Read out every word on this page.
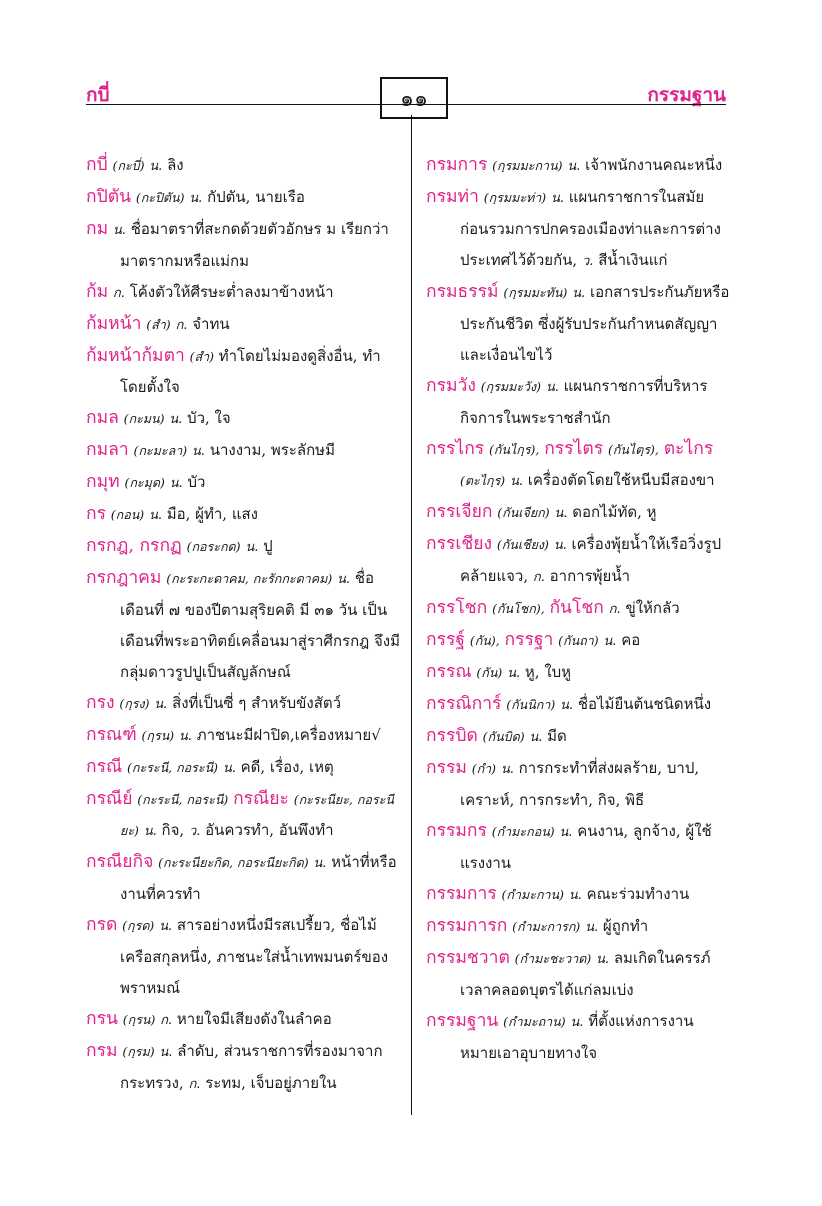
กบี่	๑๑	กรรมฐาน
กบี่ (กะบี่) น. ลิง
กปิตัน (กะปิตัน) น. กัปตัน, นายเรือ
กม น. ชื่อมาตราที่สะกดด้วยตัวอักษร ม เรียกว่า มาตรากมหรือแม่กม
ก้ม ก. โค้งตัวให้ศีรษะต่ำลงมาข้างหน้า
ก้มหน้า (สำ) ก. จำทน
ก้มหน้าก้มตา (สำ) ทำโดยไม่มองดูสิ่งอื่น, ทำโดยตั้งใจ
กมล (กะมน) น. บัว, ใจ
กมลา (กะมะลา) น. นางงาม, พระลักษมี
กมุท (กะมุด) น. บัว
กร (กอน) น. มือ, ผู้ทำ, แสง
กรกฎ, กรกฏ (กอระกด) น. ปู
กรกฎาคม (กะระกะดาคม, กะรักกะดาคม) น. ชื่อเดือนที่ ๗ ของปีตามสุริยคติ มี ๓๑ วัน เป็นเดือนที่พระอาทิตย์เคลื่อนมาสู่ราศีกรกฎ จึงมีกลุ่มดาวรูปปูเป็นสัญลักษณ์
กรง (กฺรง) น. สิ่งที่เป็นซี่ ๆ สำหรับขังสัตว์
กรณฑ์ (กฺรน) น. ภาชนะมีฝาปิด,เครื่องหมาย√
กรณี (กะระนี, กอระนี) น. คดี, เรื่อง, เหตุ
กรณีย์ (กะระนี, กอระนี) กรณียะ (กะระนียะ, กอระนียะ) น. กิจ, ว. อันควรทำ, อันพึงทำ
กรณียกิจ (กะระนียะกิด, กอระนียะกิด) น. หน้าที่หรืองานที่ควรทำ
กรด (กฺรด) น. สารอย่างหนึ่งมีรสเปรี้ยว, ชื่อไม้เครือสกุลหนึ่ง, ภาชนะใส่น้ำเทพมนตร์ของพราหมณ์
กรน (กฺรน) ก. หายใจมีเสียงดังในลำคอ
กรม (กฺรม) น. ลำดับ, ส่วนราชการที่รองมาจากกระทรวง, ก. ระทม, เจ็บอยู่ภายใน
กรมการ (กฺรมมะกาน) น. เจ้าพนักงานคณะหนึ่ง
กรมท่า (กฺรมมะท่า) น. แผนกราชการในสมัยก่อนรวมการปกครองเมืองท่าและการต่างประเทศไว้ด้วยกัน, ว. สีน้ำเงินแก่
กรมธรรม์ (กฺรมมะทัน) น. เอกสารประกันภัยหรือประกันชีวิต ซึ่งผู้รับประกันกำหนดสัญญาและเงื่อนไขไว้
กรมวัง (กฺรมมะวัง) น. แผนกราชการที่บริหารกิจการในพระราชสำนัก
กรรไกร (กันไกฺร), กรรไตร (กันไตฺร), ตะไกร (ตะไกฺร) น. เครื่องตัดโดยใช้หนีบมีสองขา
กรรเจียก (กันเจียก) น. ดอกไม้ทัด, หู
กรรเชียง (กันเชียง) น. เครื่องพุ้ยน้ำให้เรือวิ่งรูปคล้ายแจว, ก. อาการพุ้ยน้ำ
กรรโชก (กันโชก), กันโชก ก. ขู่ให้กลัว
กรรฐ์ (กัน), กรรฐา (กันถา) น. คอ
กรรณ (กัน) น. หู, ใบหู
กรรณิการ์ (กันนิกา) น. ชื่อไม้ยืนต้นชนิดหนึ่ง
กรรบิด (กันบิด) น. มีด
กรรม (กำ) น. การกระทำที่ส่งผลร้าย, บาป, เคราะห์, การกระทำ, กิจ, พิธี
กรรมกร (กำมะกอน) น. คนงาน, ลูกจ้าง, ผู้ใช้แรงงาน
กรรมการ (กำมะกาน) น. คณะร่วมทำงาน
กรรมการก (กำมะการก) น. ผู้ถูกทำ
กรรมชวาต (กำมะชะวาด) น. ลมเกิดในครรภ์เวลาคลอดบุตรได้แก่ลมเบ่ง
กรรมฐาน (กำมะถาน) น. ที่ตั้งแห่งการงาน หมายเอาอุบายทางใจ
